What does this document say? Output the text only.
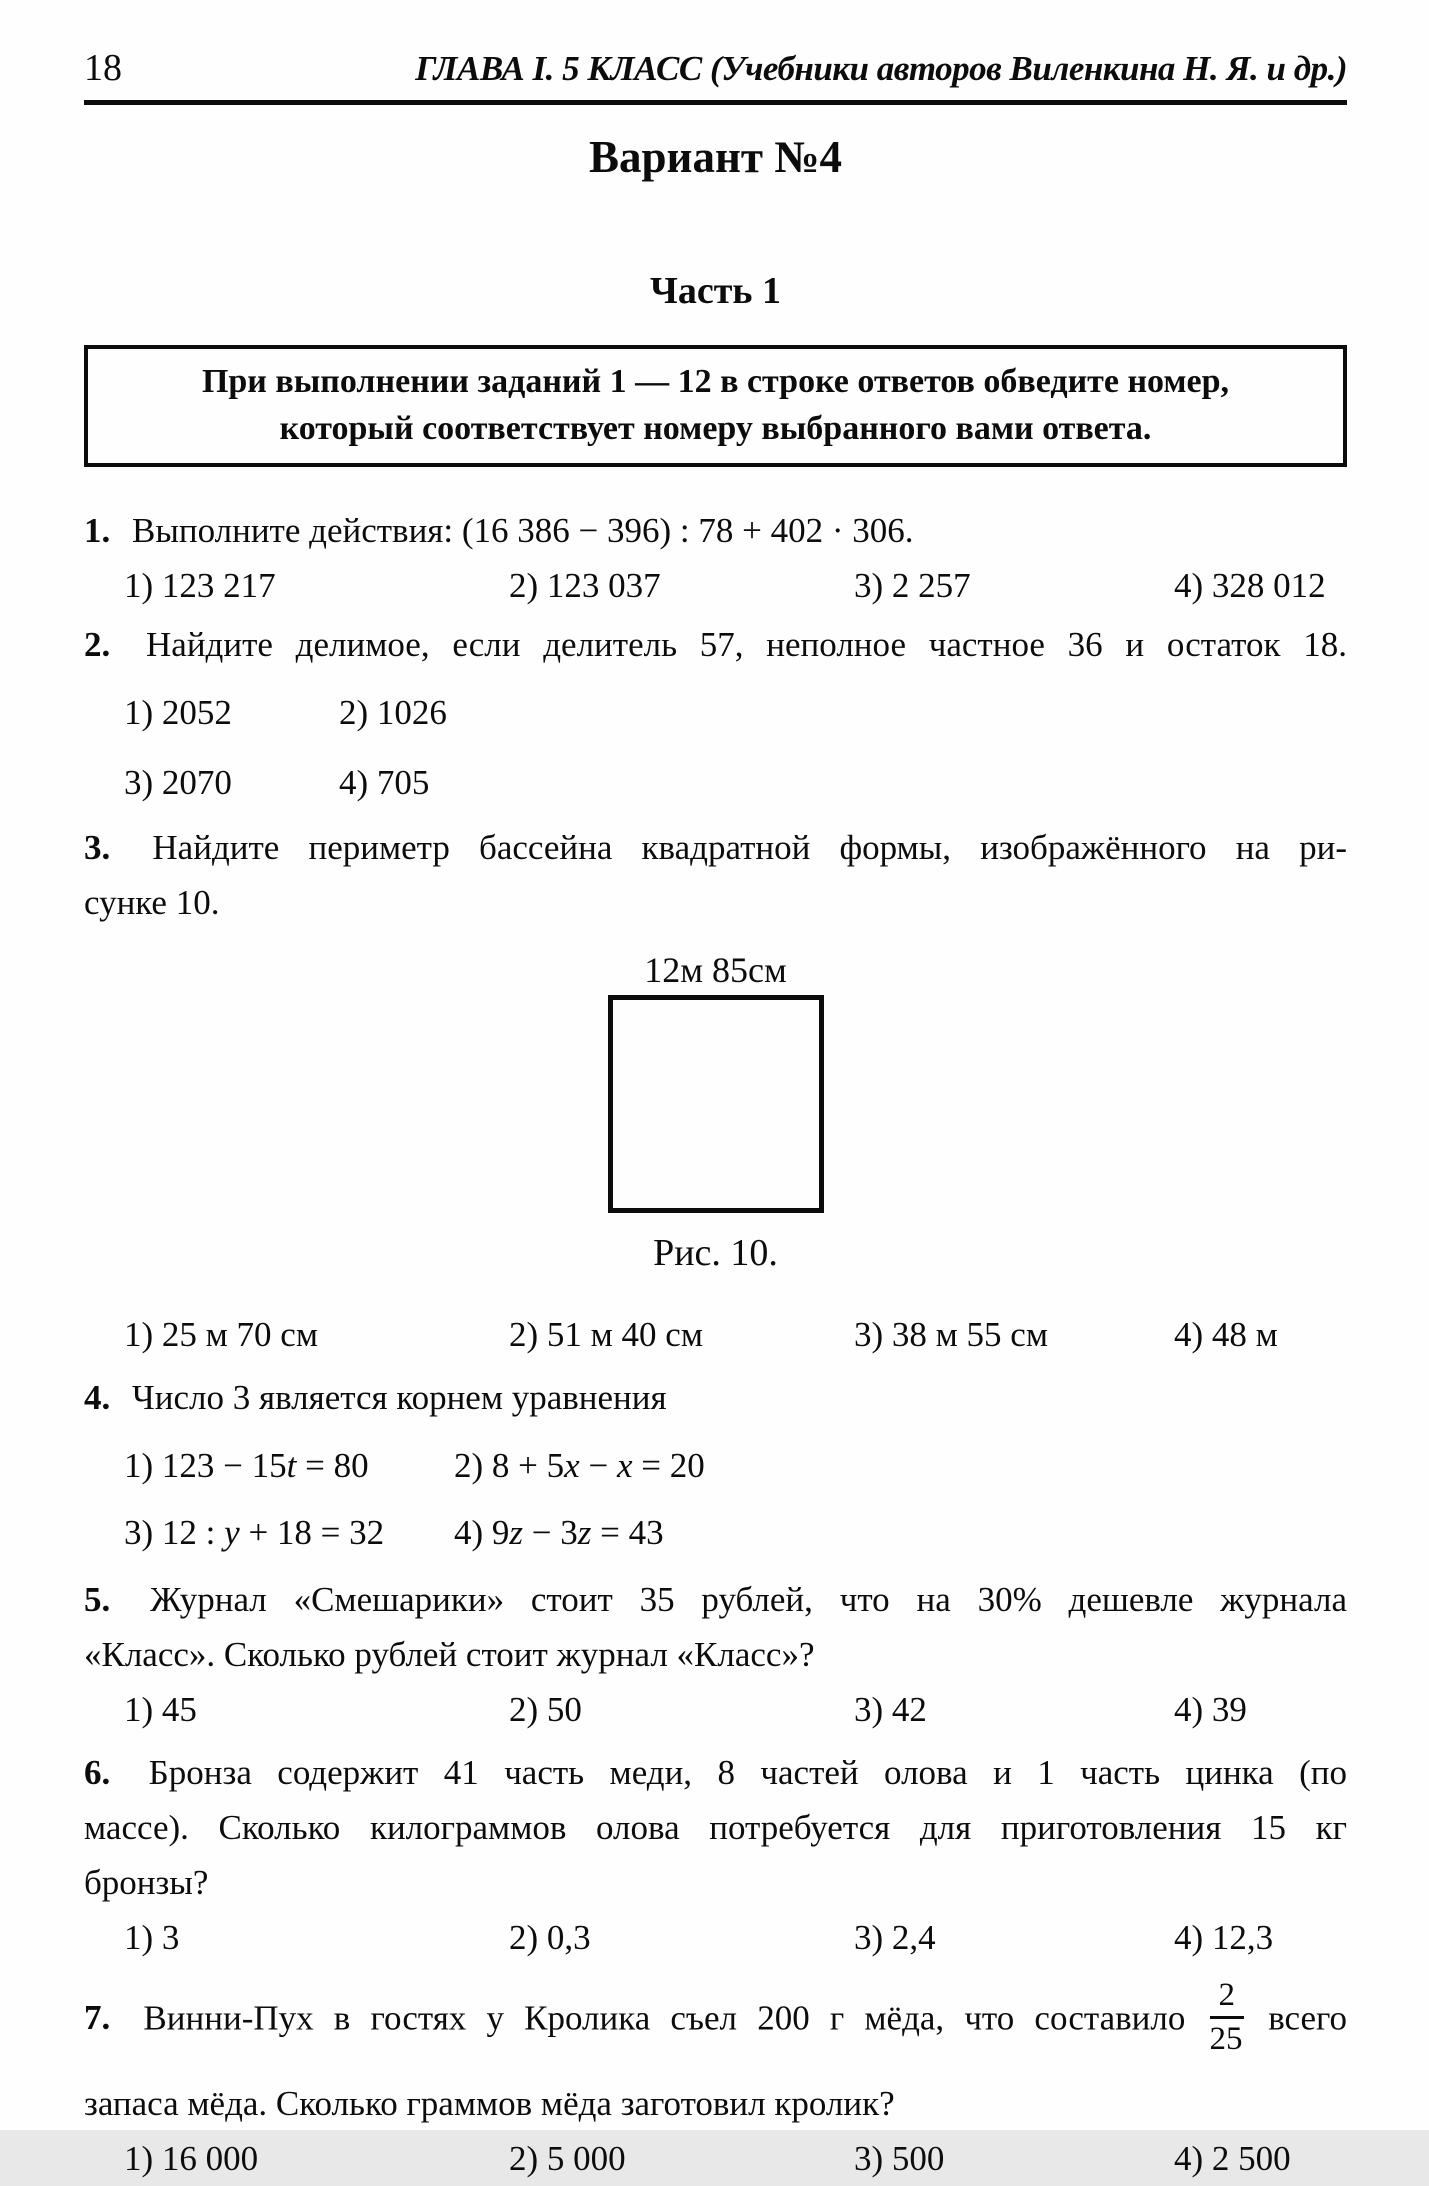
18	ГЛАВА I. 5 КЛАСС (Учебники авторов Виленкина Н. Я. и др.)
Вариант №4
Часть 1
При выполнении заданий 1 — 12 в строке ответов обведите номер,
который соответствует номеру выбранного вами ответа.
1. Выполните действия: (16 386 − 396) : 78 + 402 · 306.
1) 123 217	2) 123 037	3) 2 257	4) 328 012
2. Найдите делимое, если делитель 57, неполное частное 36 и остаток 18.
1) 2052	2) 1026
3) 2070	4) 705
3. Найдите периметр бассейна квадратной формы, изображённого на ри-
сунке 10.
12м 85см
Рис. 10.
1) 25 м 70 см	2) 51 м 40 см	3) 38 м 55 см	4) 48 м
4. Число 3 является корнем уравнения
1) 123 − 15t = 80	2) 8 + 5x − x = 20
3) 12 : y + 18 = 32	4) 9z − 3z = 43
5. Журнал «Смешарики» стоит 35 рублей, что на 30% дешевле журнала
«Класс». Сколько рублей стоит журнал «Класс»?
1) 45	2) 50	3) 42	4) 39
6. Бронза содержит 41 часть меди, 8 частей олова и 1 часть цинка (по
массе). Сколько килограммов олова потребуется для приготовления 15 кг
бронзы?
1) 3	2) 0,3	3) 2,4	4) 12,3
7. Винни-Пух в гостях у Кролика съел 200 г мёда, что составило $\frac{2}{25}$ всего
запаса мёда. Сколько граммов мёда заготовил кролик?
1) 16 000	2) 5 000	3) 500	4) 2 500
